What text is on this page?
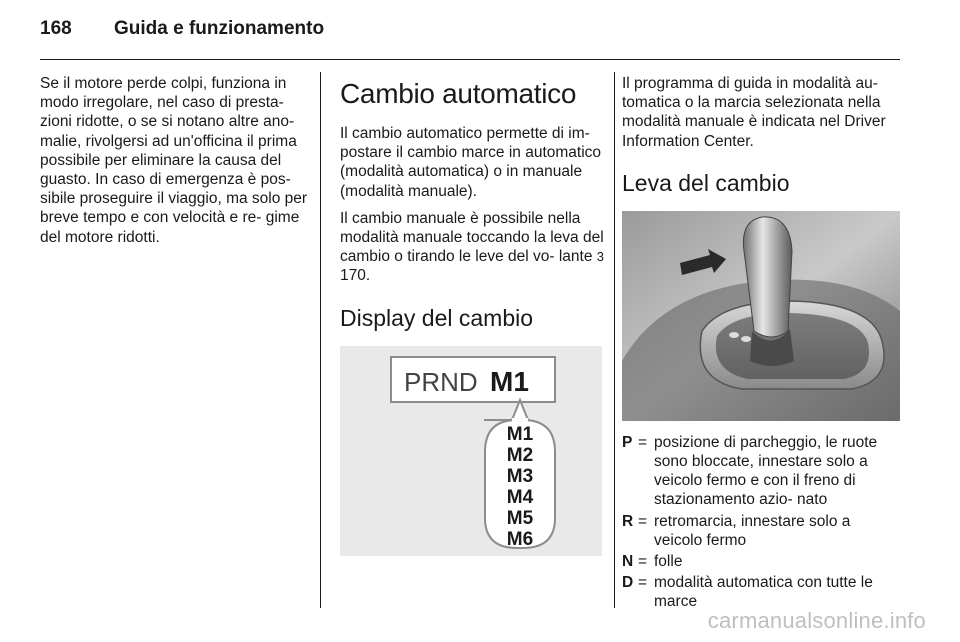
168 Guida e funzionamento

Se il motore perde colpi, funziona in modo irregolare, nel caso di presta- zioni ridotte, o se si notano altre ano- malie, rivolgersi ad un'officina il prima possibile per eliminare la causa del guasto. In caso di emergenza è pos- sibile proseguire il viaggio, ma solo per breve tempo e con velocità e re- gime del motore ridotti.

Cambio automatico

Il cambio automatico permette di im- postare il cambio marce in automatico (modalità automatica) o in manuale (modalità manuale).

Il cambio manuale è possibile nella modalità manuale toccando la leva del cambio o tirando le leve del vo- lante 3 170.

Display del cambio
PRND M1
M1
M2
M3
M4
M5
M6

Il programma di guida in modalità au- tomatica o la marcia selezionata nella modalità manuale è indicata nel Driver Information Center.

Leva del cambio
P = posizione di parcheggio, le ruote sono bloccate, innestare solo a veicolo fermo e con il freno di stazionamento azio- nato
R = retromarcia, innestare solo a veicolo fermo
N = folle
D = modalità automatica con tutte le marce
carmanualsonline.info
